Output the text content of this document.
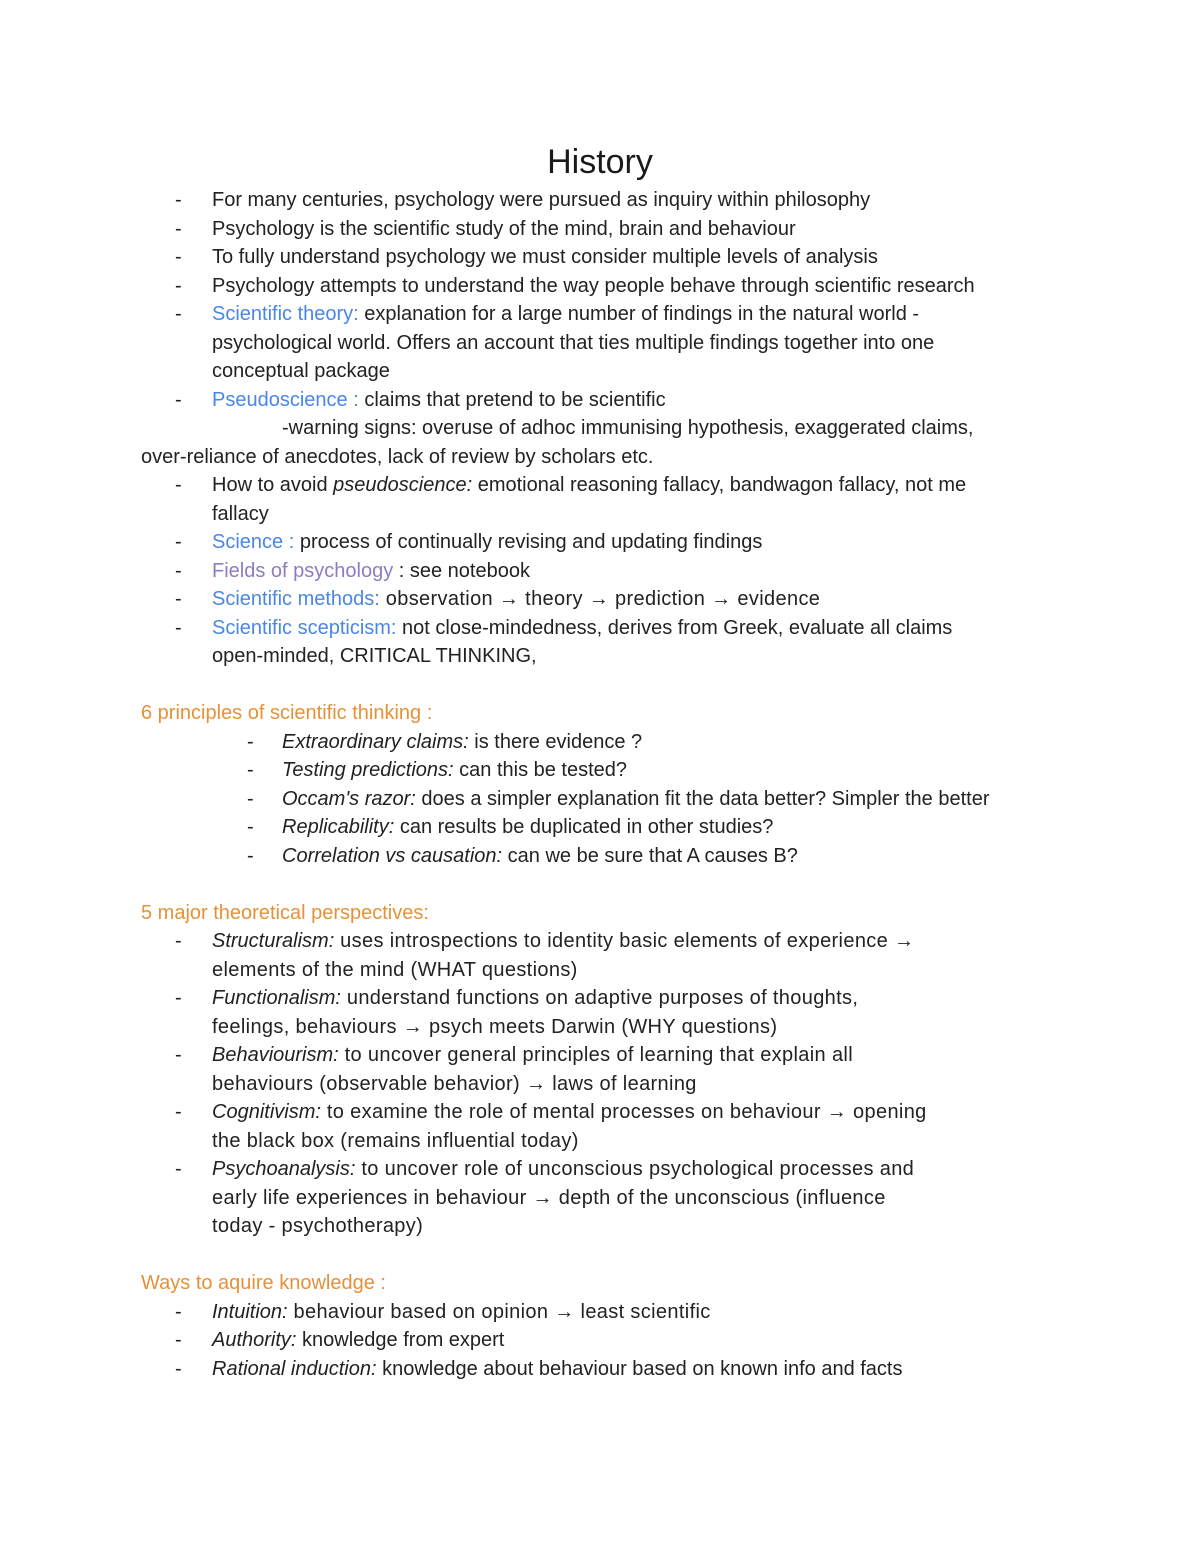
History
- For many centuries, psychology were pursued as inquiry within philosophy
- Psychology is the scientific study of the mind, brain and behaviour
- To fully understand psychology we must consider multiple levels of analysis
- Psychology attempts to understand the way people behave through scientific research
- Scientific theory: explanation for a large number of findings in the natural world -
psychological world. Offers an account that ties multiple findings together into one
conceptual package
- Pseudoscience : claims that pretend to be scientific

-warning signs: overuse of adhoc immunising hypothesis, exaggerated claims,

over-reliance of anecdotes, lack of review by scholars etc.

- How to avoid pseudoscience: emotional reasoning fallacy, bandwagon fallacy, not me
fallacy
- Science : process of continually revising and updating findings
- Fields of psychology : see notebook
- Scientific methods: observation → theory → prediction → evidence
- Scientific scepticism: not close-mindedness, derives from Greek, evaluate all claims
open-minded, CRITICAL THINKING,

6 principles of scientific thinking :

- Extraordinary claims: is there evidence ?
- Testing predictions: can this be tested?
- Occam's razor: does a simpler explanation fit the data better? Simpler the better
- Replicability: can results be duplicated in other studies?
- Correlation vs causation: can we be sure that A causes B?

5 major theoretical perspectives:

- Structuralism: uses introspections to identity basic elements of experience →
elements of the mind (WHAT questions)
- Functionalism: understand functions on adaptive purposes of thoughts,
feelings, behaviours → psych meets Darwin (WHY questions)
- Behaviourism: to uncover general principles of learning that explain all
behaviours (observable behavior) → laws of learning
- Cognitivism: to examine the role of mental processes on behaviour → opening
the black box (remains influential today)
- Psychoanalysis: to uncover role of unconscious psychological processes and
early life experiences in behaviour → depth of the unconscious (influence
today - psychotherapy)

Ways to aquire knowledge :

- Intuition: behaviour based on opinion → least scientific
- Authority: knowledge from expert
- Rational induction: knowledge about behaviour based on known info and facts
